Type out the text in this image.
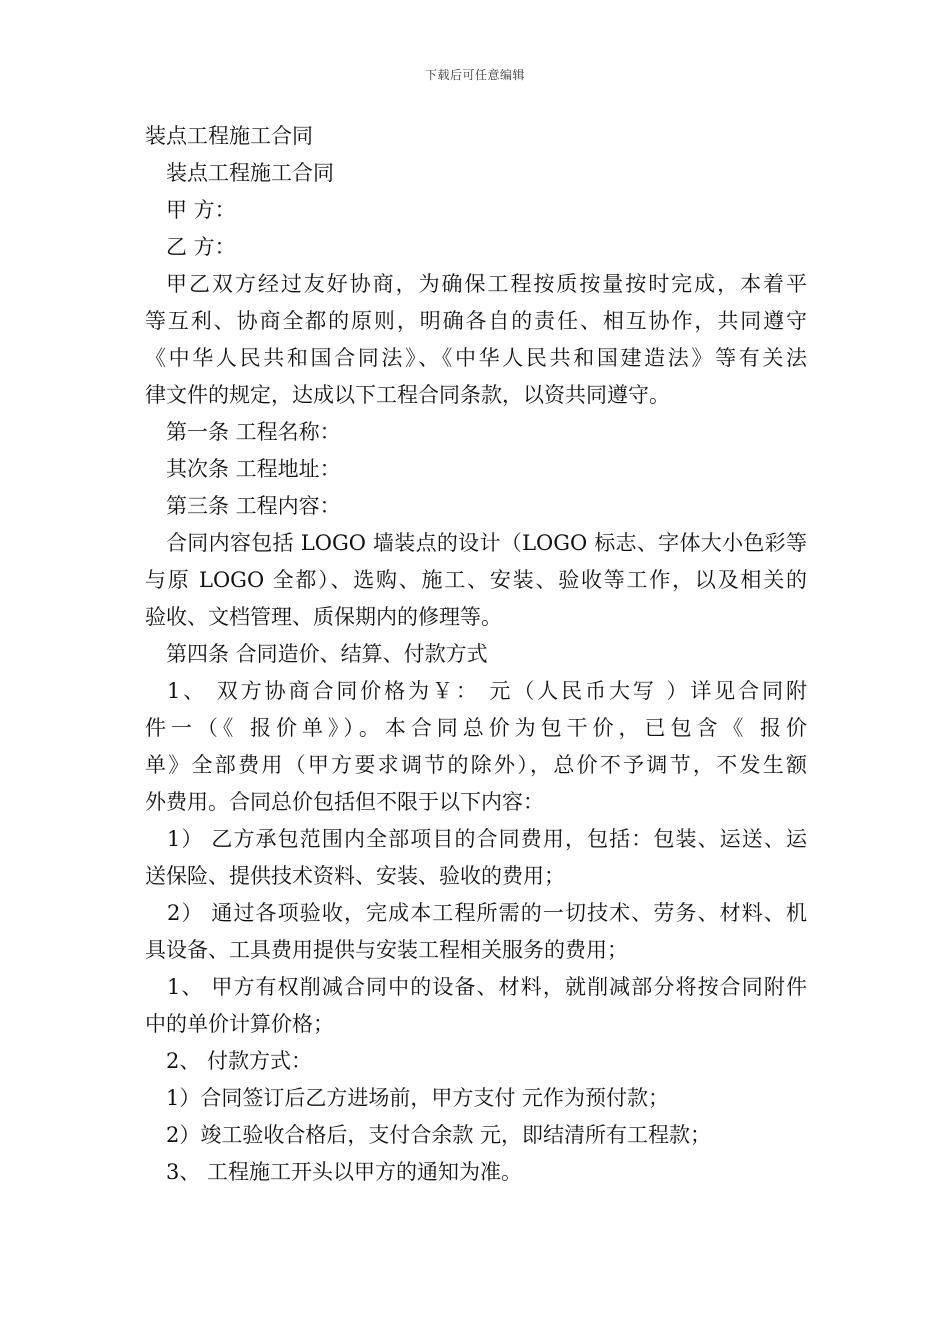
下载后可任意编辑
装点工程施工合同
装点工程施工合同
甲 方：
乙 方：
甲乙双方经过友好协商，为确保工程按质按量按时完成，本着平
等互利、协商全都的原则，明确各自的责任、相互协作，共同遵守
《中华人民共和国合同法》、《中华人民共和国建造法》等有关法
律文件的规定，达成以下工程合同条款，以资共同遵守。
第一条 工程名称：
其次条 工程地址：
第三条 工程内容：
合同内容包括 LOGO 墙装点的设计（LOGO 标志、字体大小色彩等
与原 LOGO 全都）、选购、施工、安装、验收等工作，以及相关的
验收、文档管理、质保期内的修理等。
第四条 合同造价、结算、付款方式
1、 双方协商合同价格为￥： 元（人民币大写 ）详见合同附
件一（《 报价单》）。本合同总价为包干价，已包含《 报价
单》全部费用（甲方要求调节的除外），总价不予调节，不发生额
外费用。合同总价包括但不限于以下内容：
1） 乙方承包范围内全部项目的合同费用，包括：包装、运送、运
送保险、提供技术资料、安装、验收的费用；
2） 通过各项验收，完成本工程所需的一切技术、劳务、材料、机
具设备、工具费用提供与安装工程相关服务的费用；
1、 甲方有权削减合同中的设备、材料，就削减部分将按合同附件
中的单价计算价格；
2、 付款方式：
1）合同签订后乙方进场前，甲方支付 元作为预付款；
2）竣工验收合格后，支付合余款 元，即结清所有工程款；
3、 工程施工开头以甲方的通知为准。
